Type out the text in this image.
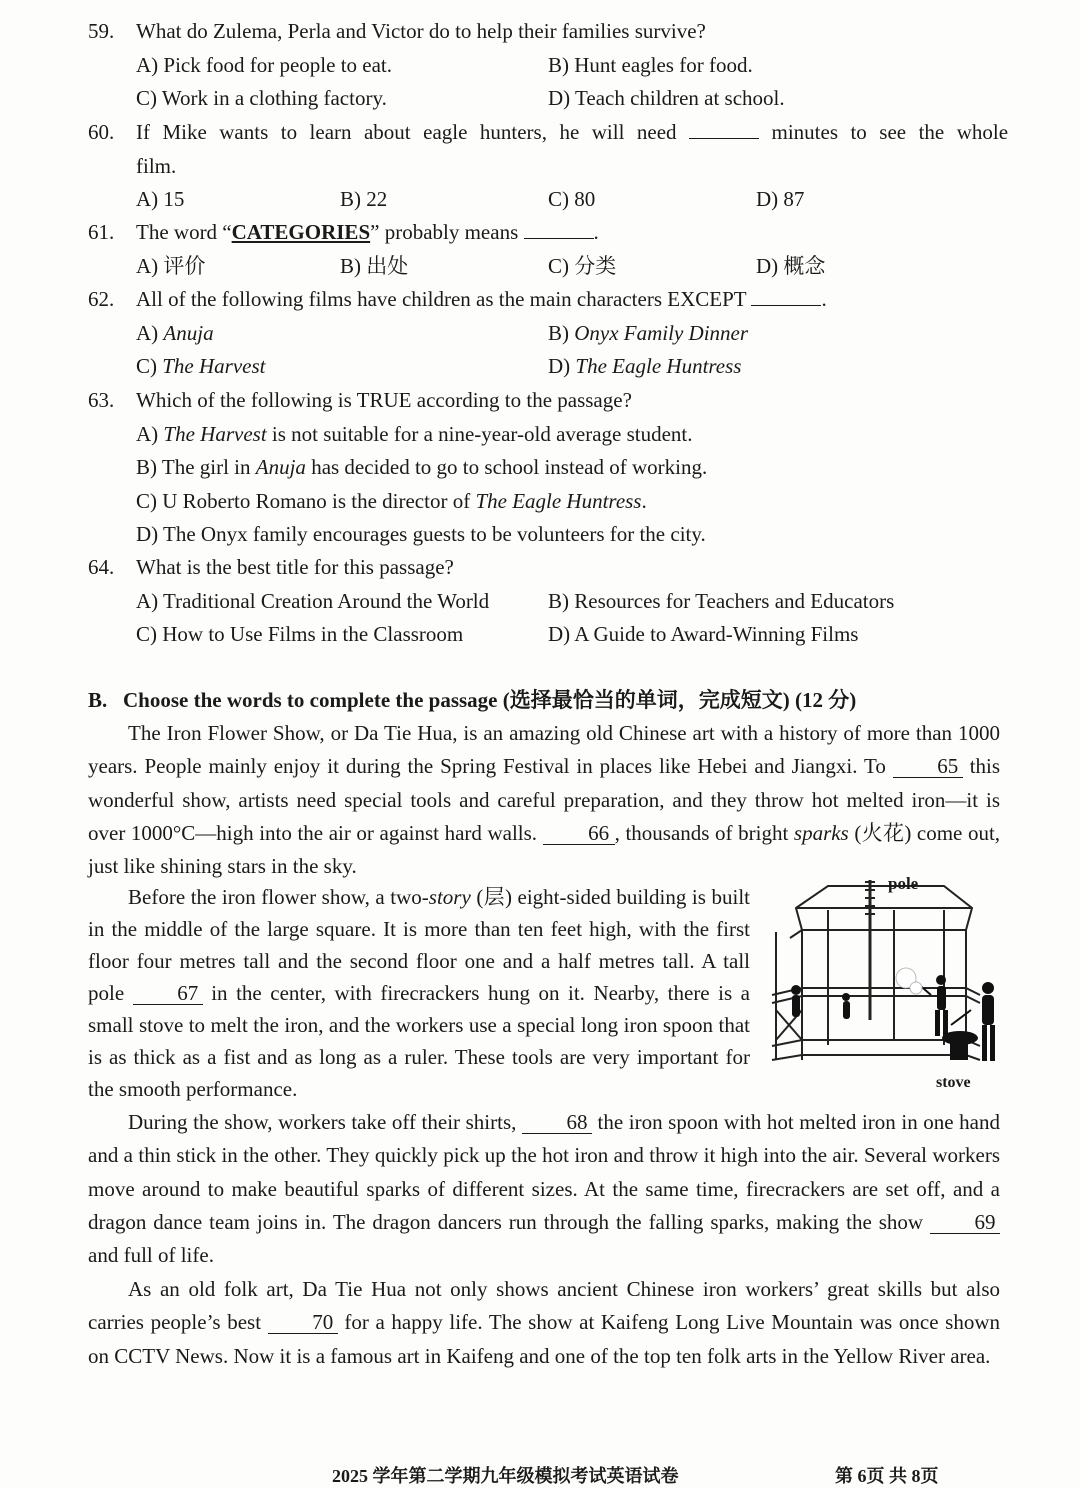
59. What do Zulema, Perla and Victor do to help their families survive?
A) Pick food for people to eat.	B) Hunt eagles for food.
C) Work in a clothing factory.	D) Teach children at school.
60. If Mike wants to learn about eagle hunters, he will need	minutes to see the whole
film.
A) 15	B) 22	C) 80	D) 87
61. The word “CATEGORIES” probably means	.
A) 评价	B) 出处	C) 分类	D) 概念
62. All of the following films have children as the main characters EXCEPT	.
A) Anuja	B) Onyx Family Dinner
C) The Harvest	D) The Eagle Huntress
63. Which of the following is TRUE according to the passage?
A) The Harvest is not suitable for a nine-year-old average student.
B) The girl in Anuja has decided to go to school instead of working.
C) U Roberto Romano is the director of The Eagle Huntress.
D) The Onyx family encourages guests to be volunteers for the city.
64. What is the best title for this passage?
A) Traditional Creation Around the World	B) Resources for Teachers and Educators
C) How to Use Films in the Classroom	D) A Guide to Award-Winning Films
B. Choose the words to complete the passage (选择最恰当的单词，完成短文) (12 分)

The Iron Flower Show, or Da Tie Hua, is an amazing old Chinese art with a history of more than 1000 years. People mainly enjoy it during the Spring Festival in places like Hebei and Jiangxi. To 65 this wonderful show, artists need special tools and careful preparation, and they throw hot melted iron—it is over 1000°C—high into the air or against hard walls. 66 , thousands of bright sparks (火花) come out, just like shining stars in the sky.

Before the iron flower show, a two-story (层) eight-sided building is built in the middle of the large square. It is more than ten feet high, with the first floor four metres tall and the second floor one and a half metres tall. A tall pole	67 in the center, with firecrackers hung on it. Nearby, there is a small stove to melt the iron, and the workers use a special long iron spoon that is as thick as a fist and as long as a ruler. These tools are very important for the smooth performance.

pole
stove

During the show, workers take off their shirts, 68 the iron spoon with hot melted iron in one hand and a thin stick in the other. They quickly pick up the hot iron and throw it high into the air. Several workers move around to make beautiful sparks of different sizes. At the same time, firecrackers are set off, and a dragon dance team joins in. The dragon dancers run through the falling sparks, making the show 69 and full of life.

As an old folk art, Da Tie Hua not only shows ancient Chinese iron workers’ great skills but also carries people’s best 70 for a happy life. The show at Kaifeng Long Live Mountain was once shown on CCTV News. Now it is a famous art in Kaifeng and one of the top ten folk arts in the Yellow River area.

2025 学年第二学期九年级模拟考试英语试卷	第 6页 共 8页
